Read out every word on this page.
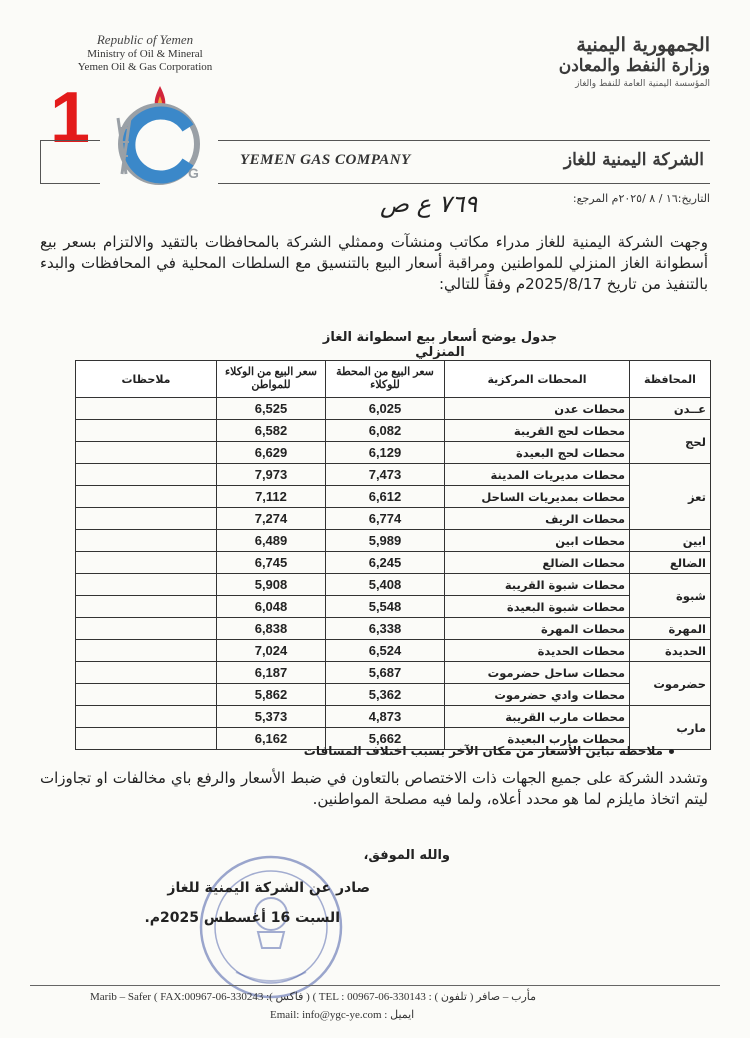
1
Republic of Yemen
Ministry of Oil & Mineral
Yemen Oil & Gas Corporation
G
YEMEN GAS COMPANY
الجمهورية اليمنية
وزارة النفط والمعادن
المؤسسة اليمنية العامة للنفط والغاز
الشركة اليمنية للغاز
التاريخ:١٦ / ٨ /٢٠٢٥م المرجع:
٧٦٩ ع ص
وجهت الشركة اليمنية للغاز مدراء مكاتب ومنشآت وممثلي الشركة بالمحافظات بالتقيد والالتزام بسعر بيع أسطوانة الغاز المنزلي للمواطنين ومراقبة أسعار البيع بالتنسيق مع السلطات المحلية في المحافظات والبدء بالتنفيذ من تاريخ 2025/8/17م وفقاً للتالي:
جدول يوضح أسعار بيع اسطوانة الغاز المنزلي
المحافظة	المحطات المركزية	سعر البيع من المحطة للوكلاء	سعر البيع من الوكلاء للمواطن	ملاحظات
عــدن	محطات عدن	6,025	6,525	
لحج	محطات لحج القريبة	6,082	6,582	
	محطات لحج البعيدة	6,129	6,629	
تعز	محطات مديريات المدينة	7,473	7,973	
	محطات بمديريات الساحل	6,612	7,112	
	محطات الريف	6,774	7,274	
ابين	محطات ابين	5,989	6,489	
الضالع	محطات الضالع	6,245	6,745	
شبوة	محطات شبوة القريبة	5,408	5,908	
	محطات شبوة البعيدة	5,548	6,048	
المهرة	محطات المهرة	6,338	6,838	
الحديدة	محطات الحديدة	6,524	7,024	
حضرموت	محطات ساحل حضرموت	5,687	6,187	
	محطات وادي حضرموت	5,362	5,862	
مارب	محطات مارب القريبة	4,873	5,373	
	محطات مارب البعيدة	5,662	6,162	
ملاحظة تباين الأسعار من مكان الآخر بسبب اختلاف المسافات
وتشدد الشركة على جميع الجهات ذات الاختصاص بالتعاون في ضبط الأسعار والرفع باي مخالفات او تجاوزات ليتم اتخاذ مايلزم لما هو محدد أعلاه، ولما فيه مصلحة المواطنين.
والله الموفق،
صادر عن الشركة اليمنية للغاز
السبت 16 أغسطس 2025م.
Marib – Safer ( FAX:00967-06-330243 :( فاكس ) ( TEL : 00967-06-330143 : ( تلفون ) مأرب – صافر
Email: info@ygc-ye.com : ايميل
